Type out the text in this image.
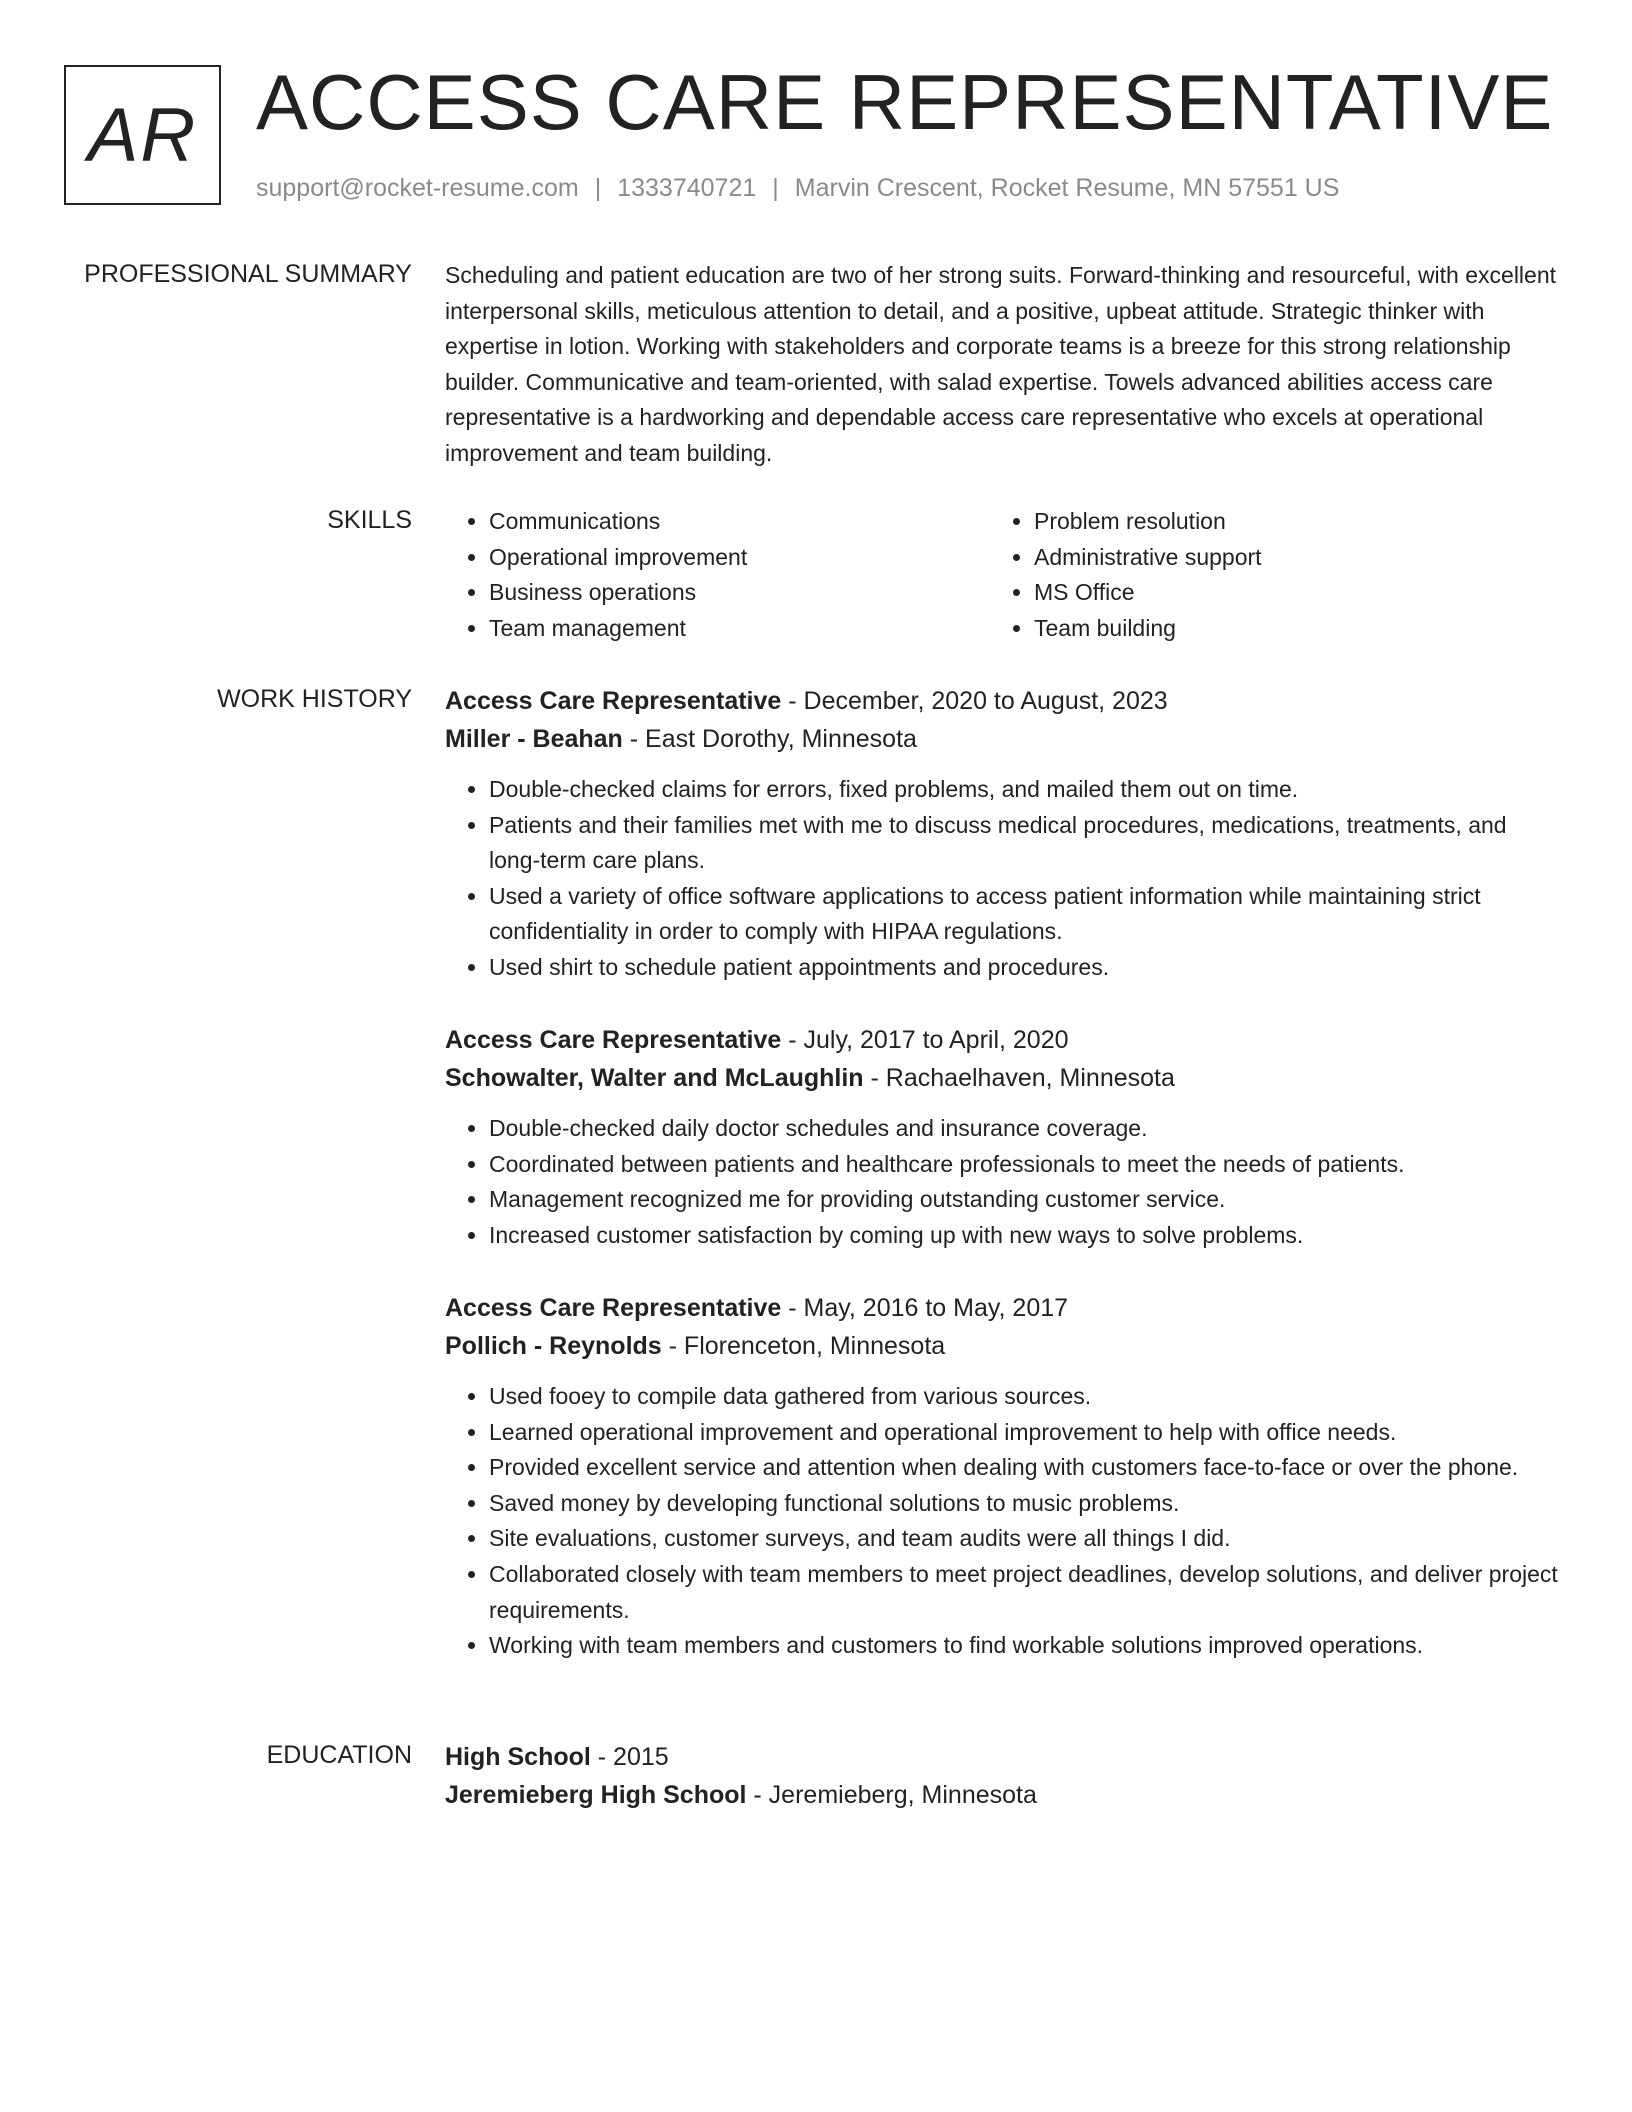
AR ACCESS CARE REPRESENTATIVE
support@rocket-resume.com | 1333740721 | Marvin Crescent, Rocket Resume, MN 57551 US
PROFESSIONAL SUMMARY Scheduling and patient education are two of her strong suits. Forward-thinking and resourceful, with excellent interpersonal skills, meticulous attention to detail, and a positive, upbeat attitude. Strategic thinker with expertise in lotion. Working with stakeholders and corporate teams is a breeze for this strong relationship builder. Communicative and team-oriented, with salad expertise. Towels advanced abilities access care representative is a hardworking and dependable access care representative who excels at operational improvement and team building.

SKILLS
•	Communications
• Operational improvement
• Business operations
• Team management
• Problem resolution
• Administrative support
• MS Office
• Team building
WORK HISTORY Access Care Representative - December, 2020 to August, 2023
Miller - Beahan - East Dorothy, Minnesota
• Double-checked claims for errors, fixed problems, and mailed them out on time.
• Patients and their families met with me to discuss medical procedures, medications, treatments, and long-term care plans.
• Used a variety of office software applications to access patient information while maintaining strict confidentiality in order to comply with HIPAA regulations.
• Used shirt to schedule patient appointments and procedures.
Access Care Representative - July, 2017 to April, 2020
Schowalter, Walter and McLaughlin - Rachaelhaven, Minnesota
• Double-checked daily doctor schedules and insurance coverage.
• Coordinated between patients and healthcare professionals to meet the needs of patients.
• Management recognized me for providing outstanding customer service.
• Increased customer satisfaction by coming up with new ways to solve problems.
Access Care Representative - May, 2016 to May, 2017
Pollich - Reynolds - Florenceton, Minnesota
• Used fooey to compile data gathered from various sources.
• Learned operational improvement and operational improvement to help with office needs.
• Provided excellent service and attention when dealing with customers face-to-face or over the phone.
• Saved money by developing functional solutions to music problems.
• Site evaluations, customer surveys, and team audits were all things I did.
• Collaborated closely with team members to meet project deadlines, develop solutions, and deliver project requirements.
• Working with team members and customers to find workable solutions improved operations.
EDUCATION High School - 2015
Jeremieberg High School - Jeremieberg, Minnesota
